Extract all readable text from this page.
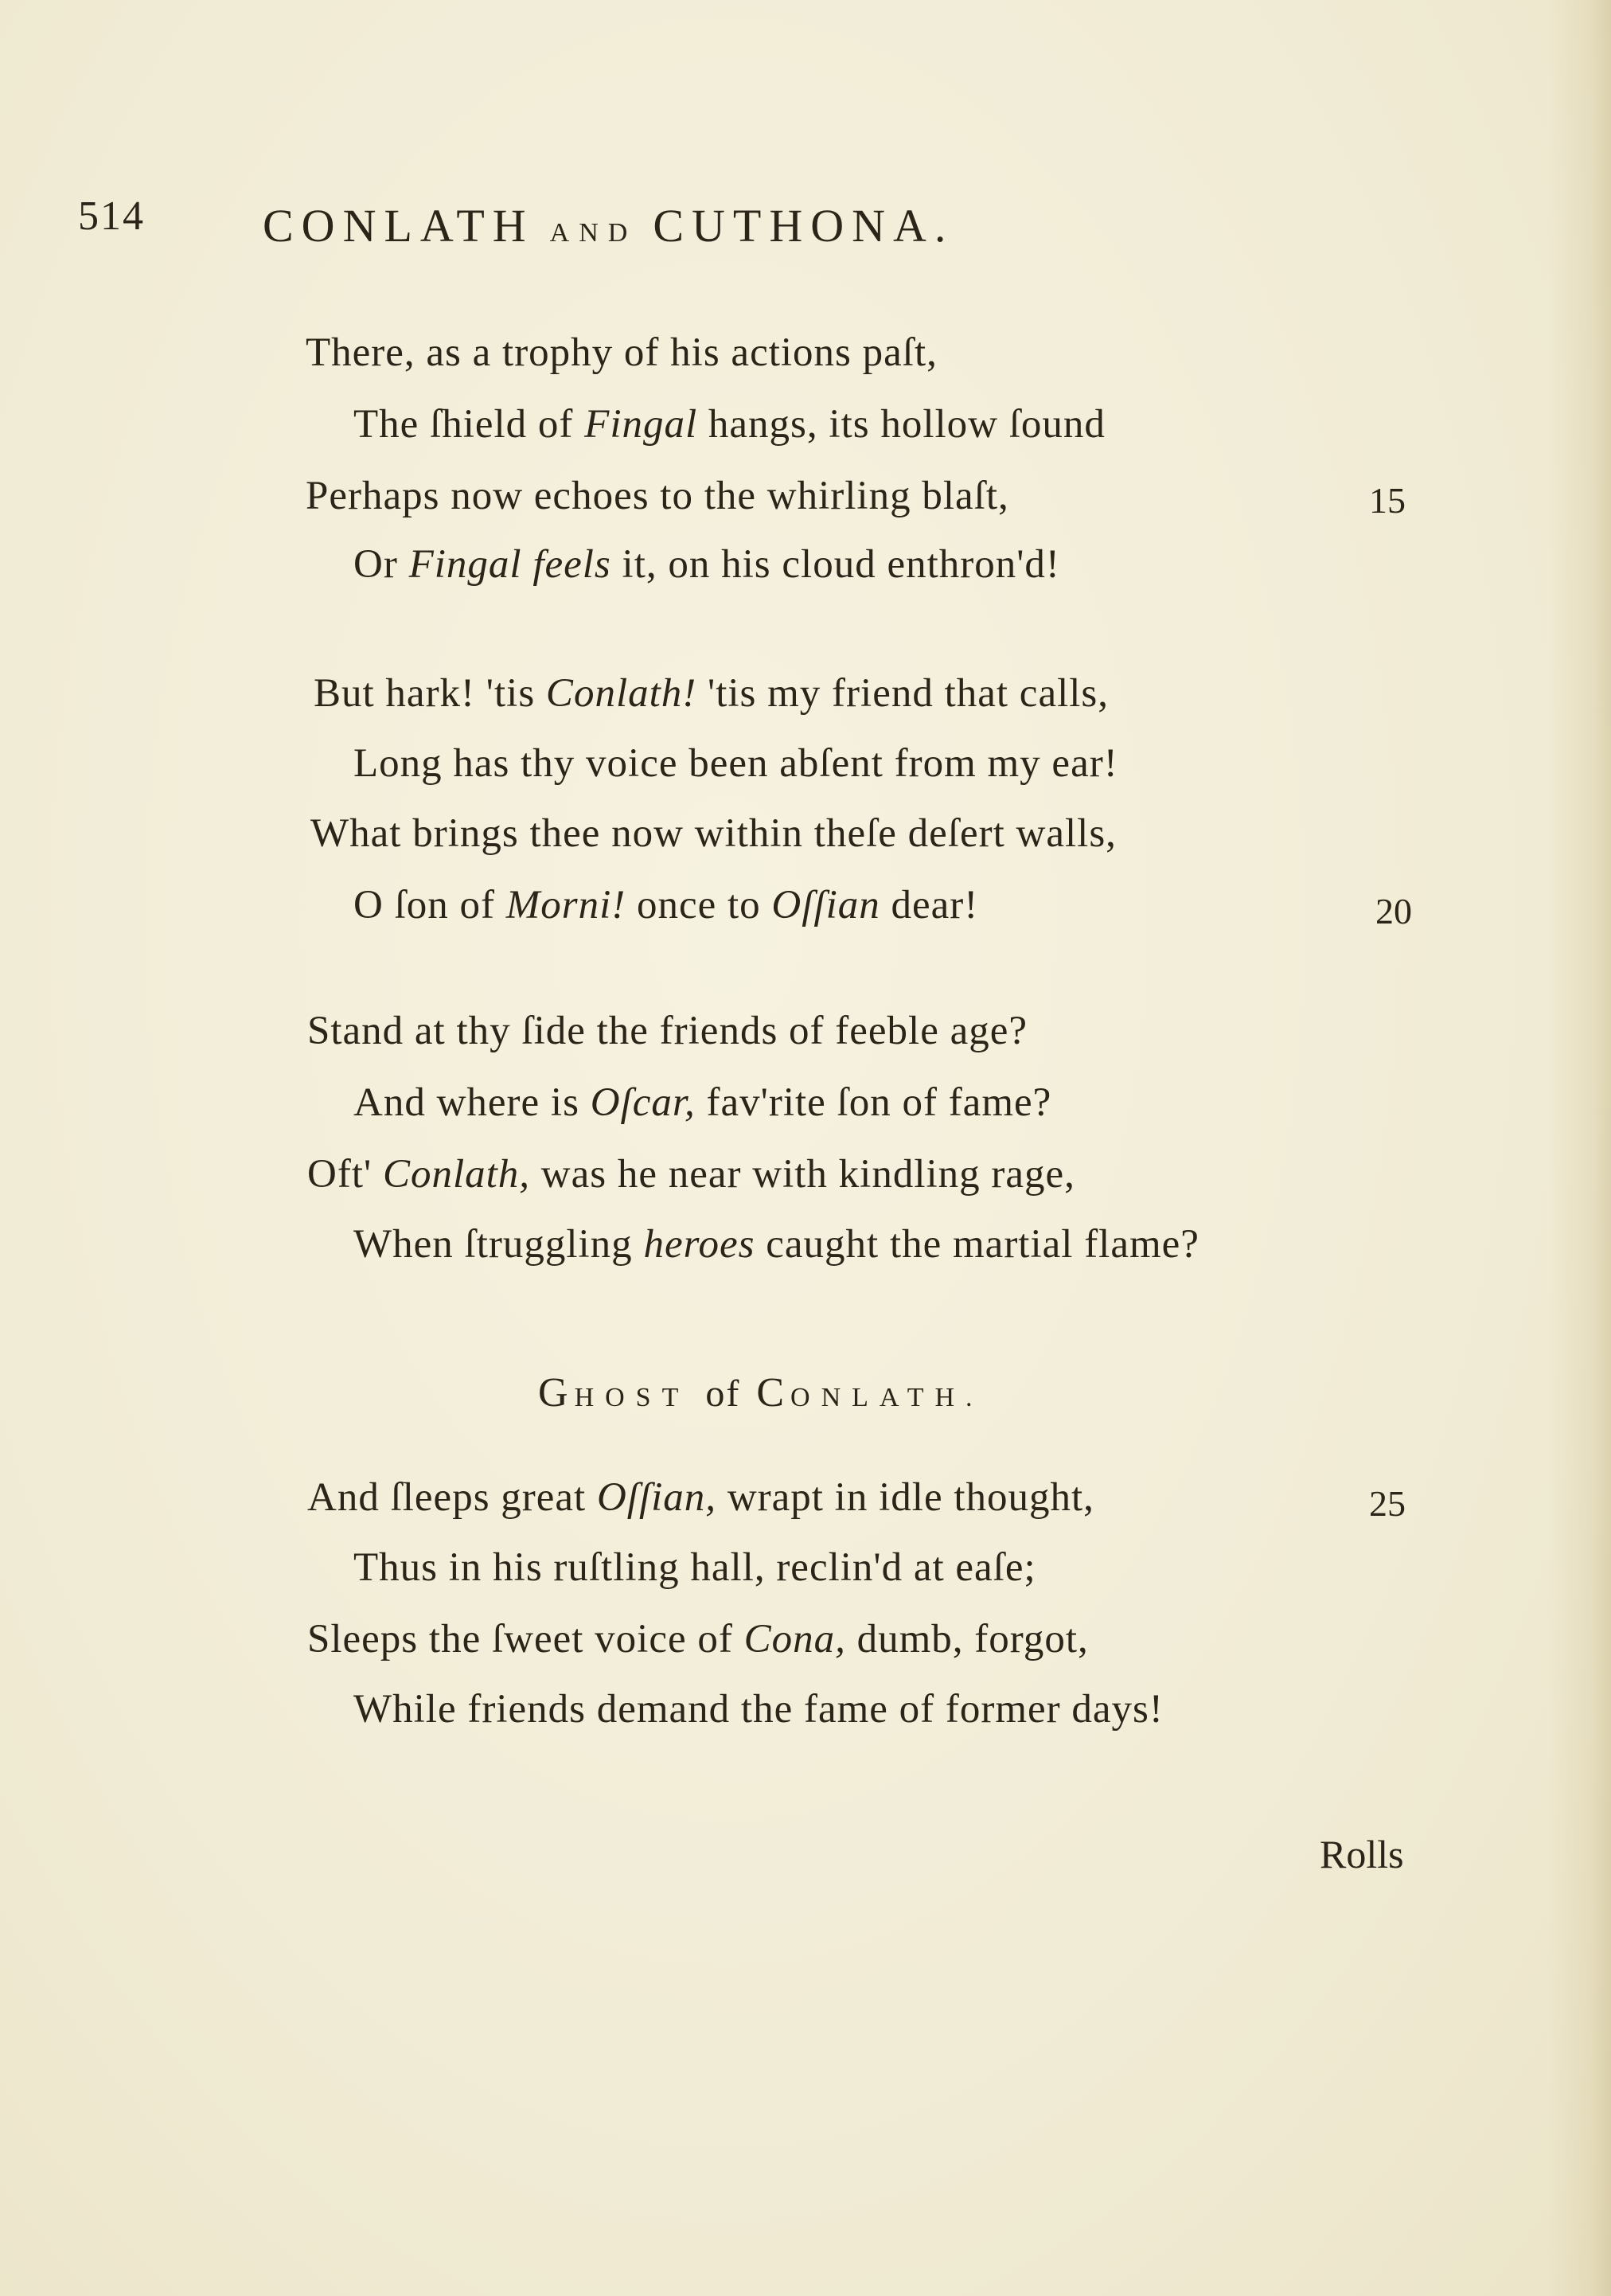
514	CONLATH AND CUTHONA.
There, as a trophy of his actions paſt,
The ſhield of Fingal hangs, its hollow ſound
Perhaps now echoes to the whirling blaſt,	15
Or Fingal feels it, on his cloud enthron'd!
But hark! 'tis Conlath! 'tis my friend that calls,
Long has thy voice been abſent from my ear!
What brings thee now within theſe deſert walls,
O ſon of Morni! once to Oſſian dear!	20
Stand at thy ſide the friends of feeble age?
And where is Oſcar, fav'rite ſon of fame?
Oft' Conlath, was he near with kindling rage,
When ſtruggling heroes caught the martial flame?
GHOST of CONLATH.
And ſleeps great Oſſian, wrapt in idle thought,	25
Thus in his ruſtling hall, reclin'd at eaſe;
Sleeps the ſweet voice of Cona, dumb, forgot,
While friends demand the fame of former days!
Rolls
